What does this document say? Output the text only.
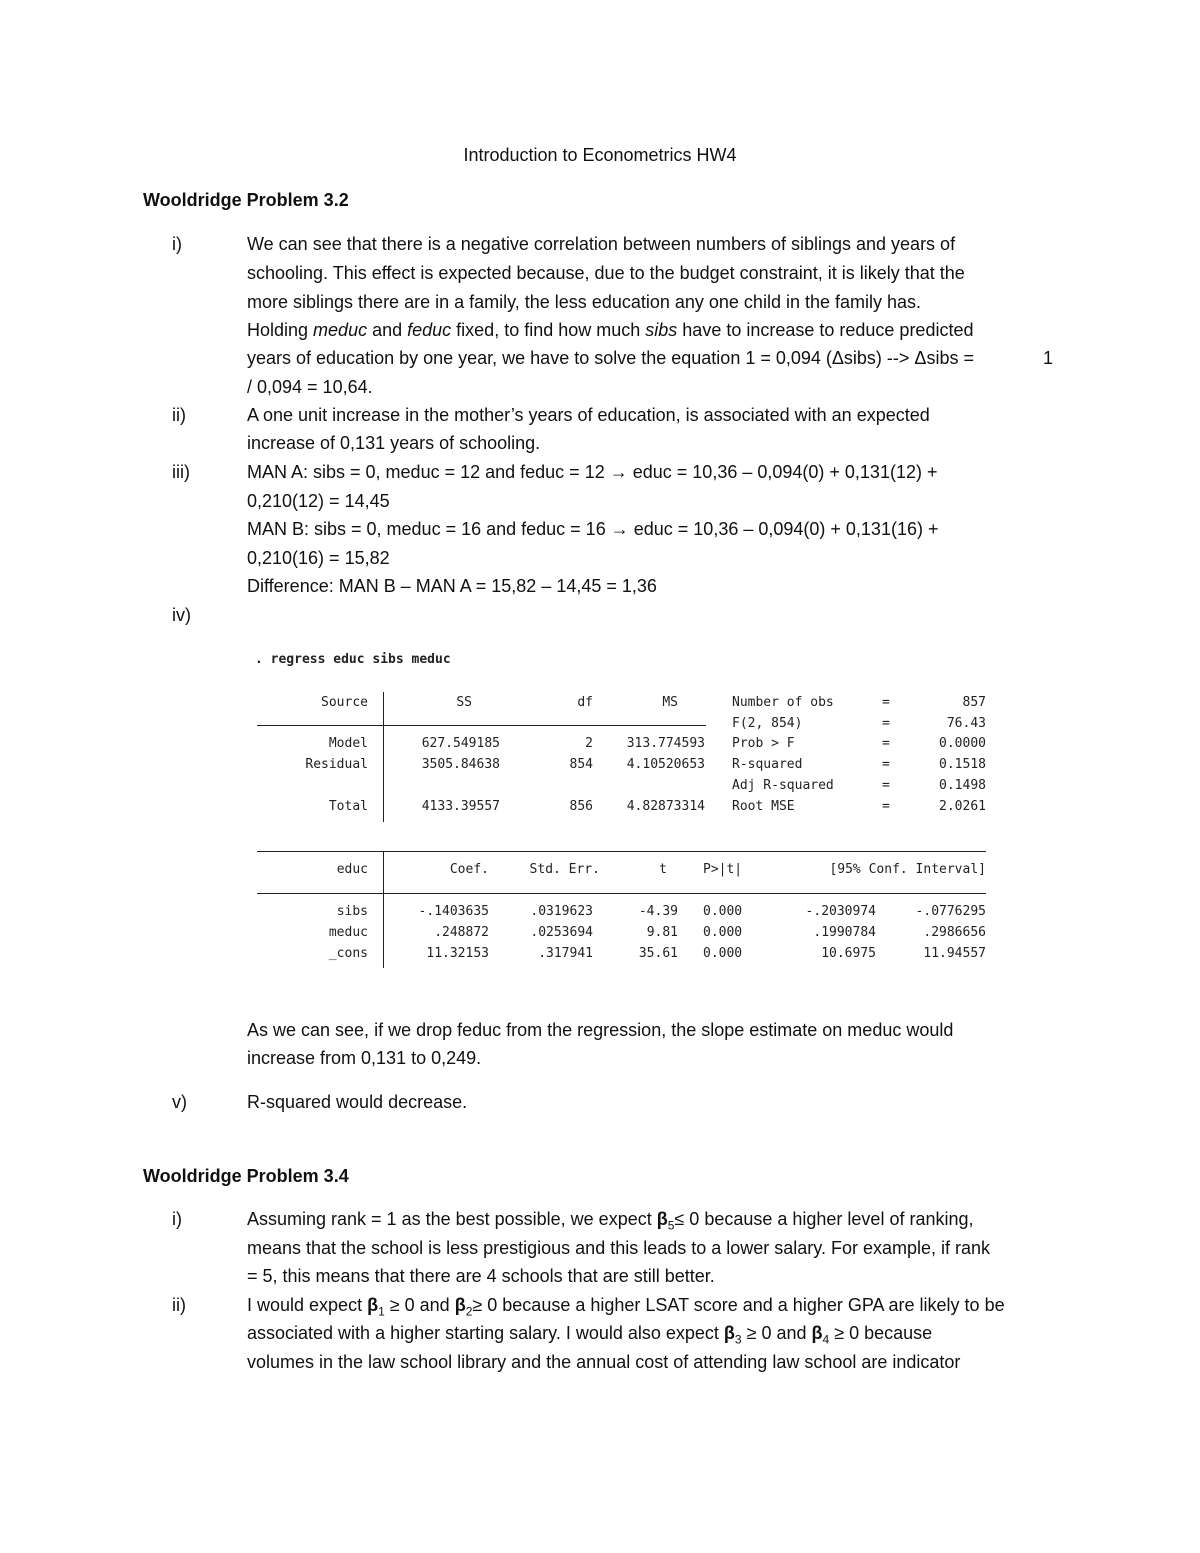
Introduction to Econometrics HW4
Wooldridge Problem 3.2
i)	We can see that there is a negative correlation between numbers of siblings and years of
schooling. This effect is expected because, due to the budget constraint, it is likely that the
more siblings there are in a family, the less education any one child in the family has.
Holding meduc and feduc fixed, to find how much sibs have to increase to reduce predicted
years of education by one year, we have to solve the equation 1 = 0,094 (Δsibs) --> Δsibs =	1
/ 0,094 = 10,64.
ii)	A one unit increase in the mother’s years of education, is associated with an expected
increase of 0,131 years of schooling.
iii)	MAN A: sibs = 0, meduc = 12 and feduc = 12 → educ = 10,36 – 0,094(0) + 0,131(12) +
0,210(12) = 14,45
MAN B: sibs = 0, meduc = 16 and feduc = 16 → educ = 10,36 – 0,094(0) + 0,131(16) +
0,210(16) = 15,82
Difference: MAN B – MAN A = 15,82 – 14,45 = 1,36
iv)
. regress educ sibs meduc
Source	SS	df	MS
Model	627.549185	2	313.774593
Residual	3505.84638	854	4.10520653
Total	4133.39557	856	4.82873314
Number of obs	=	857
F(2, 854)	=	76.43
Prob > F	=	0.0000
R-squared	=	0.1518
Adj R-squared	=	0.1498
Root MSE	=	2.0261
educ	Coef.	Std. Err.	t	P>|t|	[95% Conf. Interval]
sibs	-.1403635	.0319623	-4.39 0.000	-.2030974	-.0776295
meduc	.248872	.0253694	9.81 0.000	.1990784	.2986656
_cons	11.32153	.317941	35.61 0.000	10.6975	11.94557
As we can see, if we drop feduc from the regression, the slope estimate on meduc would
increase from 0,131 to 0,249.
v)	R-squared would decrease.
Wooldridge Problem 3.4
i)	Assuming rank = 1 as the best possible, we expect $\beta_5\le 0$ because a higher level of ranking,
means that the school is less prestigious and this leads to a lower salary. For example, if rank
= 5, this means that there are 4 schools that are still better.
ii)	I would expect $\beta_1 \ge 0$ and $\beta_2\ge 0$ because a higher LSAT score and a higher GPA are likely to be
associated with a higher starting salary. I would also expect $\beta_3 \ge 0$ and $\beta_4 \ge 0$ because
volumes in the law school library and the annual cost of attending law school are indicator
